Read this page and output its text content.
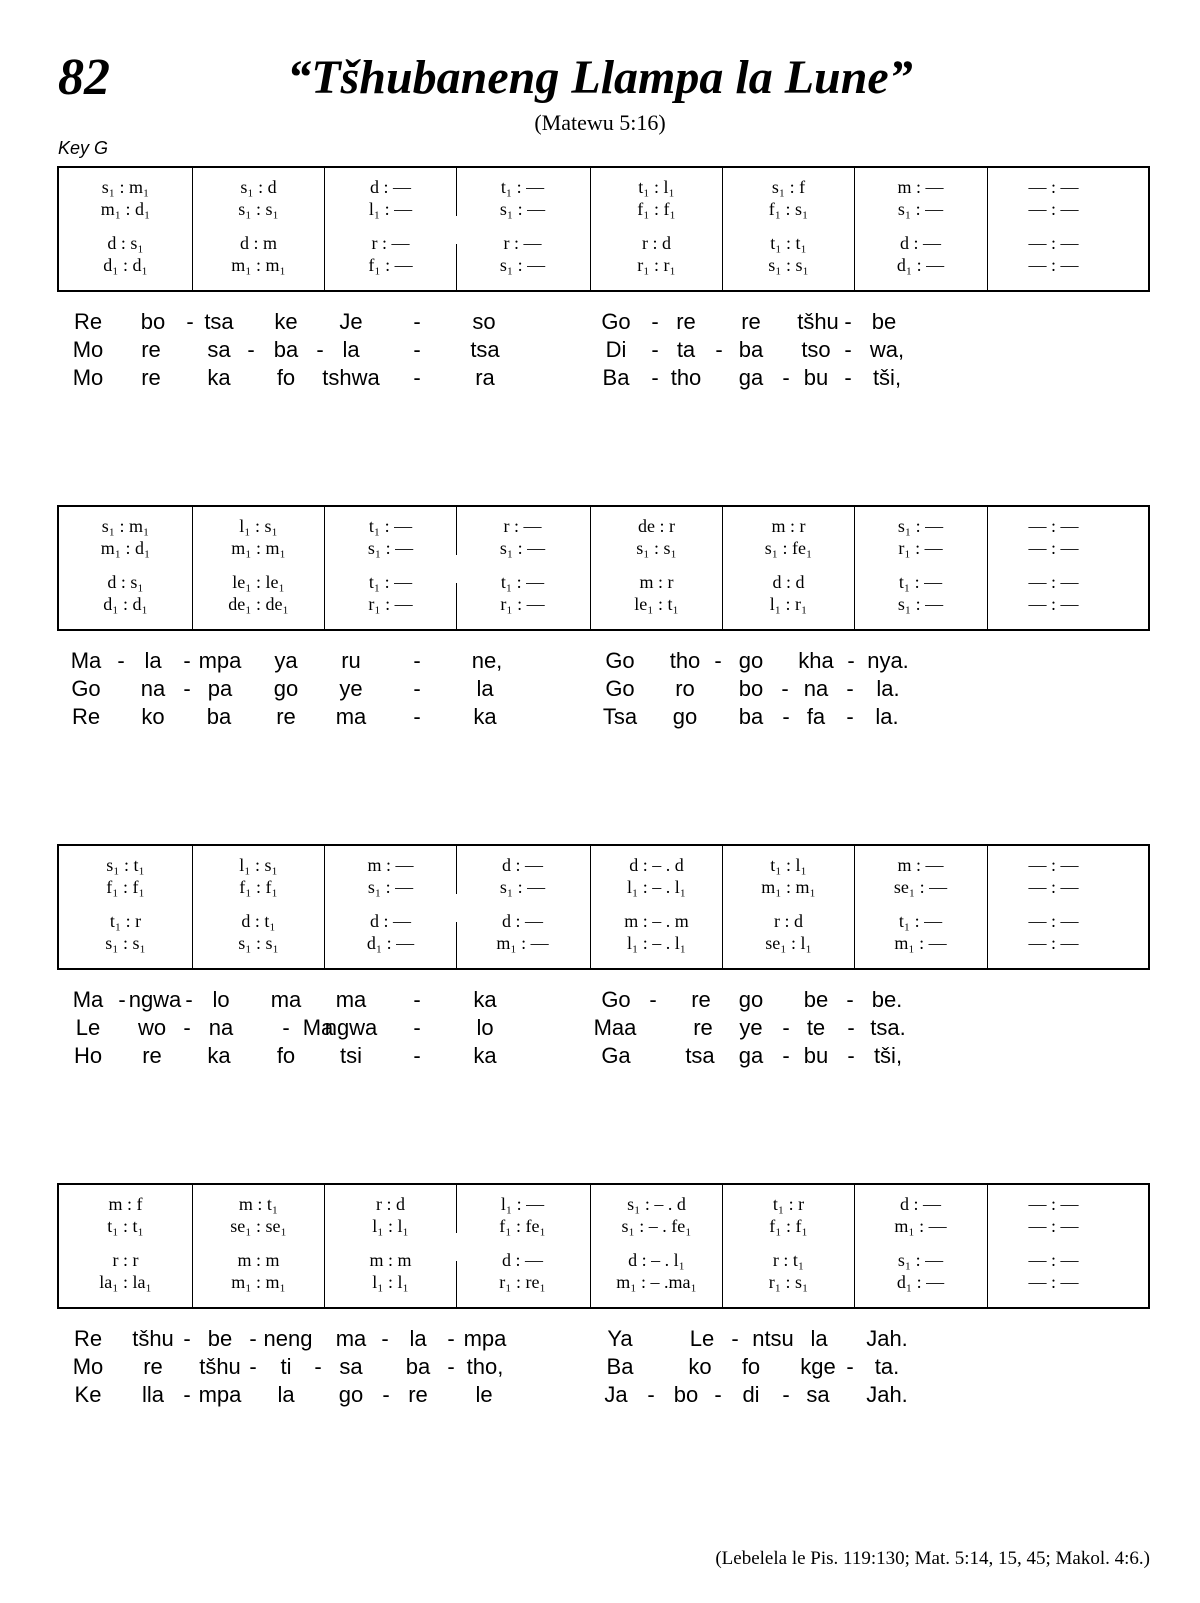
82	“Tšhubaneng Llampa la Lune”
(Matewu 5:16)
Key G
s₁ : m₁	s₁ : d	d : —	t₁ : —	t₁ : l₁	s₁ : f	m : —	— : —
m₁ : d₁	s₁ : s₁	l₁ : —	s₁ : —	f₁ : f₁	f₁ : s₁	s₁ : —	— : —
d : s₁	d : m	r : —	r : —	r : d	t₁ : t₁	d : —	— : —
d₁ : d₁	m₁ : m₁	f₁ : —	s₁ : —	r₁ : r₁	s₁ : s₁	d₁ : —	— : —
Re bo - tsa ke Je - so	Go - re re tšhu - be
Mo re sa - ba - la - tsa	Di - ta - ba tso - wa,
Mo re ka fo tshwa - ra	Ba - tho ga - bu - tši,
s₁ : m₁	l₁ : s₁	t₁ : —	r : —	de : r	m : r	s₁ : —	— : —
m₁ : d₁	m₁ : m₁	s₁ : —	s₁ : —	s₁ : s₁	s₁ : fe₁	r₁ : —	— : —
d : s₁	le₁ : le₁	t₁ : —	t₁ : —	m : r	d : d	t₁ : —	— : —
d₁ : d₁	de₁ : de₁	r₁ : —	r₁ : —	le₁ : t₁	l₁ : r₁	s₁ : —	— : —
Ma - la - mpa ya ru - ne,	Go tho - go kha - nya.
Go na - pa go ye -	la	Go ro bo - na - la.
Re ko ba re ma - ka	Tsa go ba - fa - la.
s₁ : t₁	l₁ : s₁	m : —	d : —	d : – . d	t₁ : l₁	m : —	— : —
f₁ : f₁	f₁ : f₁	s₁ : —	s₁ : —	l₁ : – . l₁	m₁ : m₁	se₁ : —	— : —
t₁ : r	d : t₁	d : —	d : —	m : – . m	r : d	t₁ : —	— : —
s₁ : s₁	s₁ : s₁	d₁ : —	m₁ : —	l₁ : – . l₁	se₁ : l₁	m₁ : —	— : —
Ma - ngwa - lo ma ma - ka	Go - re go be - be.
Le wo - na	Ma
- ngwa -	lo	Maa	re ye - te - tsa.
Ho re ka fo tsi - ka	Ga tsa ga - bu - tši,
m : f	m : t₁	r : d	l₁ : —	s₁ : – . d	t₁ : r	d : —	— : —
t₁ : t₁	se₁ : se₁	l₁ : l₁	f₁ : fe₁	s₁ : – . fe₁	f₁ : f₁	m₁ : —	— : —
r : r	m : m	m : m	d : —	d : – . l₁	r : t₁	s₁ : —	— : —
la₁ : la₁	m₁ : m₁	l₁ : l₁	r₁ : re₁	m₁ : – .ma₁	r₁ : s₁	d₁ : —	— : —
Re tšhu - be - neng ma - la - mpa	Ya	Le - ntsu la Jah.
Mo re tšhu - ti - sa ba - tho,	Ba ko fo kge - ta.
Ke lla - mpa la go - re le	Ja - bo - di - sa Jah.
(Lebelela le Pis. 119:130; Mat. 5:14, 15, 45; Makol. 4:6.)
